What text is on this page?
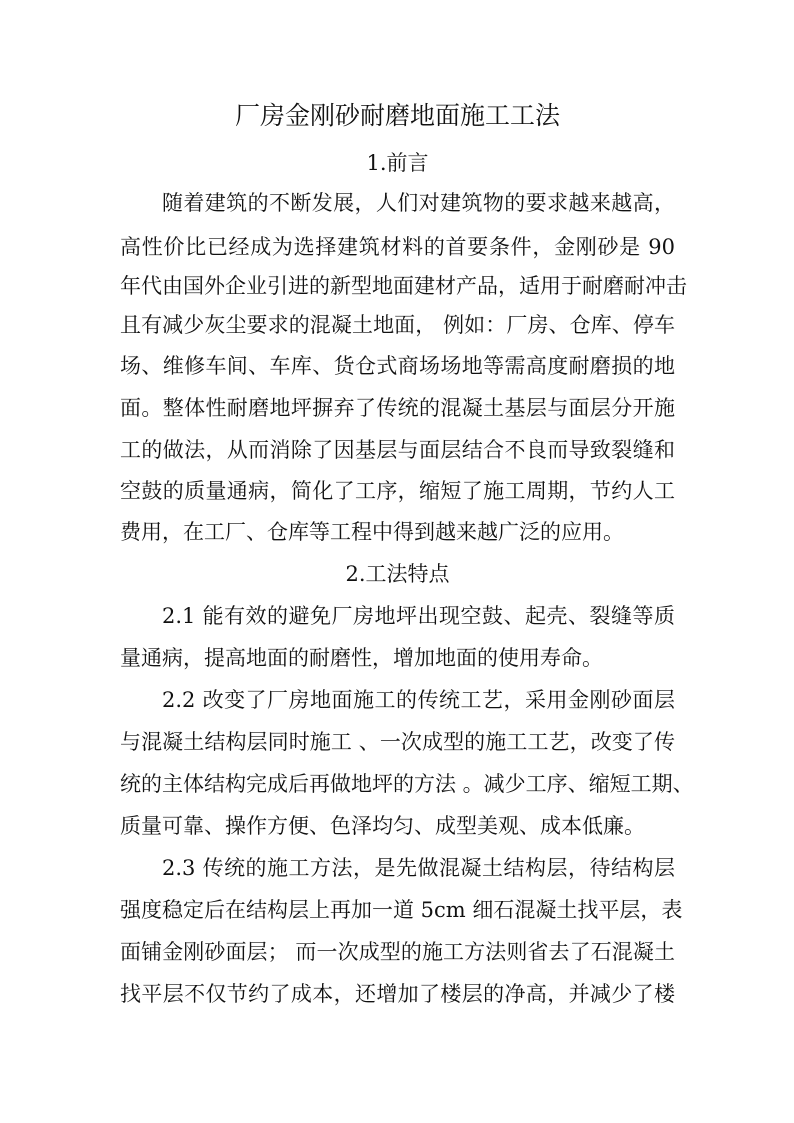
厂房金刚砂耐磨地面施工工法
1.前言
随着建筑的不断发展，人们对建筑物的要求越来越高，
高性价比已经成为选择建筑材料的首要条件，金刚砂是 90
年代由国外企业引进的新型地面建材产品，适用于耐磨耐冲击
且有减少灰尘要求的混凝土地面， 例如：厂房、仓库、停车
场、维修车间、车库、货仓式商场场地等需高度耐磨损的地
面。整体性耐磨地坪摒弃了传统的混凝土基层与面层分开施
工的做法，从而消除了因基层与面层结合不良而导致裂缝和
空鼓的质量通病，简化了工序，缩短了施工周期，节约人工
费用，在工厂、仓库等工程中得到越来越广泛的应用。
2.工法特点
2.1 能有效的避免厂房地坪出现空鼓、起壳、裂缝等质
量通病，提高地面的耐磨性，增加地面的使用寿命。
2.2 改变了厂房地面施工的传统工艺，采用金刚砂面层
与混凝土结构层同时施工 、一次成型的施工工艺，改变了传
统的主体结构完成后再做地坪的方法 。减少工序、缩短工期、
质量可靠、操作方便、色泽均匀、成型美观、成本低廉。
2.3 传统的施工方法，是先做混凝土结构层，待结构层
强度稳定后在结构层上再加一道 5cm 细石混凝土找平层，表
面铺金刚砂面层； 而一次成型的施工方法则省去了石混凝土
找平层不仅节约了成本，还增加了楼层的净高，并减少了楼
